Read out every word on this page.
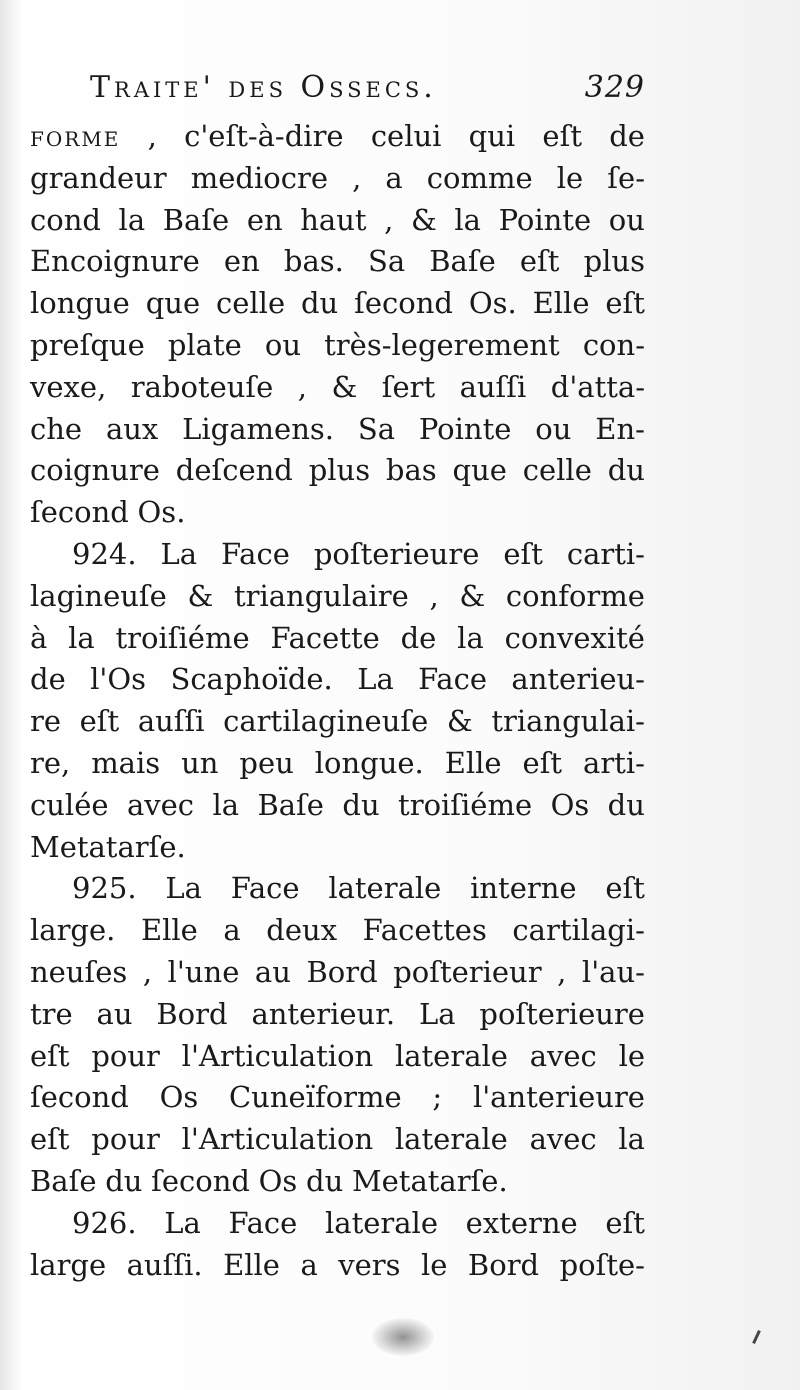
Traite' des Ossecs.	329
forme , c'eſt-à-dire celui qui eſt de
grandeur mediocre , a comme le ſe-
cond la Baſe en haut , & la Pointe ou
Encoignure en bas. Sa Baſe eſt plus
longue que celle du ſecond Os. Elle eſt
preſque plate ou très-legerement con-
vexe, raboteuſe , & ſert auſſi d'atta-
che aux Ligamens. Sa Pointe ou En-
coignure deſcend plus bas que celle du
ſecond Os.
924. La Face poſterieure eſt carti-
lagineuſe & triangulaire , & conforme
à la troiſiéme Facette de la convexité
de l'Os Scaphoïde. La Face anterieu-
re eſt auſſi cartilagineuſe & triangulai-
re, mais un peu longue. Elle eſt arti-
culée avec la Baſe du troiſiéme Os du
Metatarſe.
925. La Face laterale interne eſt
large. Elle a deux Facettes cartilagi-
neuſes , l'une au Bord poſterieur , l'au-
tre au Bord anterieur. La poſterieure
eſt pour l'Articulation laterale avec le
ſecond Os Cuneïforme ; l'anterieure
eſt pour l'Articulation laterale avec la
Baſe du ſecond Os du Metatarſe.
926. La Face laterale externe eſt
large auſſi. Elle a vers le Bord poſte-
